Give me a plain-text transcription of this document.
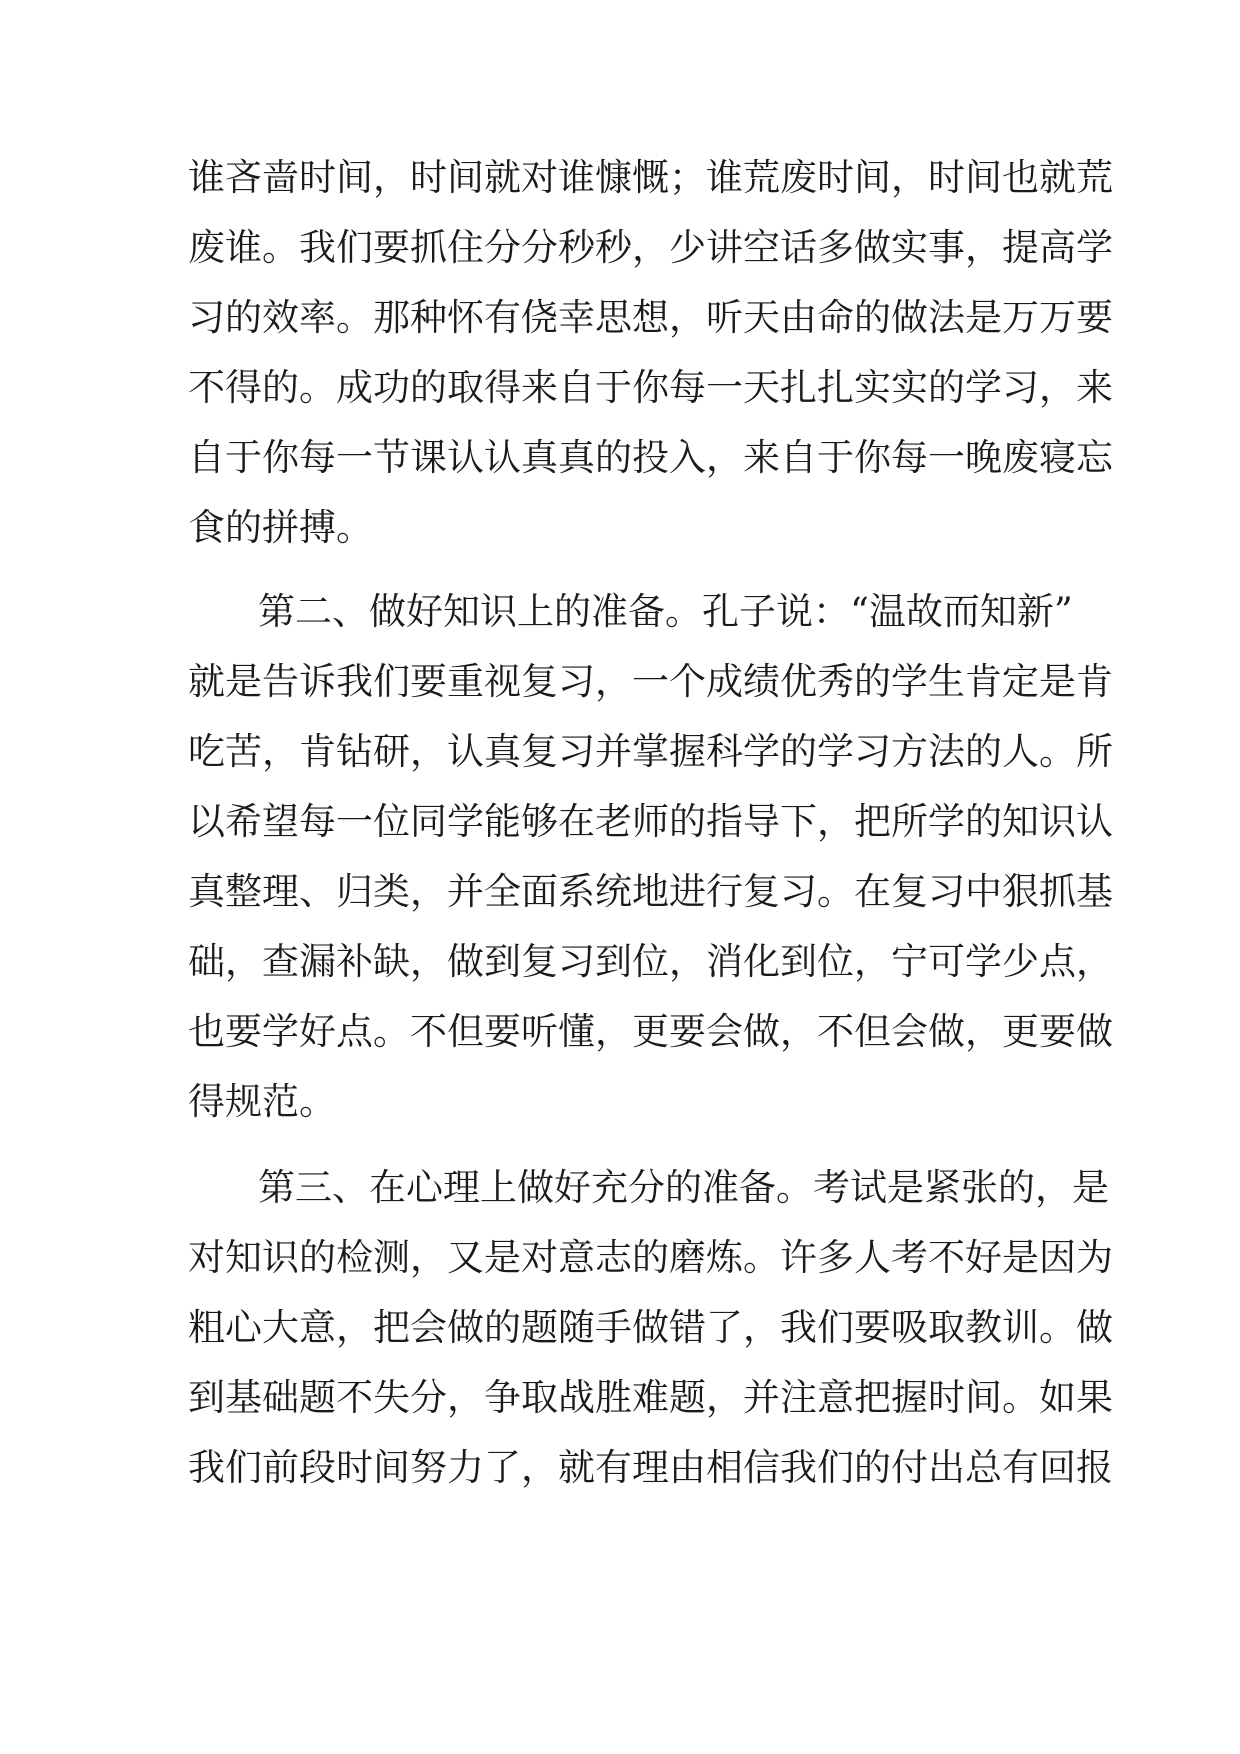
谁 吝 啬 时 间 ， 时 间 就 对 谁 慷 慨 ； 谁 荒 废 时 间 ， 时 间 也 就 荒
废 谁 。 我 们 要 抓 住 分 分 秒 秒 ， 少 讲 空 话 多 做 实 事 ， 提 高 学
习 的 效 率 。 那 种 怀 有 侥 幸 思 想 ， 听 天 由 命 的 做 法 是 万 万 要
不 得 的 。 成 功 的 取 得 来 自 于 你 每 一 天 扎 扎 实 实 的 学 习 ， 来
自 于 你 每 一 节 课 认 认 真 真 的 投 入 ， 来 自 于 你 每 一 晚 废 寝 忘
食的拼搏。
第 二 、 做 好 知 识 上 的 准 备 。 孔 子 说 ： “ 温 故 而 知 新 ”
就 是 告 诉 我 们 要 重 视 复 习 ， 一 个 成 绩 优 秀 的 学 生 肯 定 是 肯
吃 苦 ， 肯 钻 研 ， 认 真 复 习 并 掌 握 科 学 的 学 习 方 法 的 人 。 所
以 希 望 每 一 位 同 学 能 够 在 老 师 的 指 导 下 ， 把 所 学 的 知 识 认
真 整 理 、 归 类 ， 并 全 面 系 统 地 进 行 复 习 。 在 复 习 中 狠 抓 基
础 ， 查 漏 补 缺 ， 做 到 复 习 到 位 ， 消 化 到 位 ， 宁 可 学 少 点 ，
也 要 学 好 点 。 不 但 要 听 懂 ， 更 要 会 做 ， 不 但 会 做 ， 更 要 做
得规范。
第 三 、 在 心 理 上 做 好 充 分 的 准 备 。 考 试 是 紧 张 的 ， 是
对 知 识 的 检 测 ， 又 是 对 意 志 的 磨 炼 。 许 多 人 考 不 好 是 因 为
粗 心 大 意 ， 把 会 做 的 题 随 手 做 错 了 ， 我 们 要 吸 取 教 训 。 做
到 基 础 题 不 失 分 ， 争 取 战 胜 难 题 ， 并 注 意 把 握 时 间 。 如 果
我 们 前 段 时 间 努 力 了 ， 就 有 理 由 相 信 我 们 的 付 出 总 有 回 报
